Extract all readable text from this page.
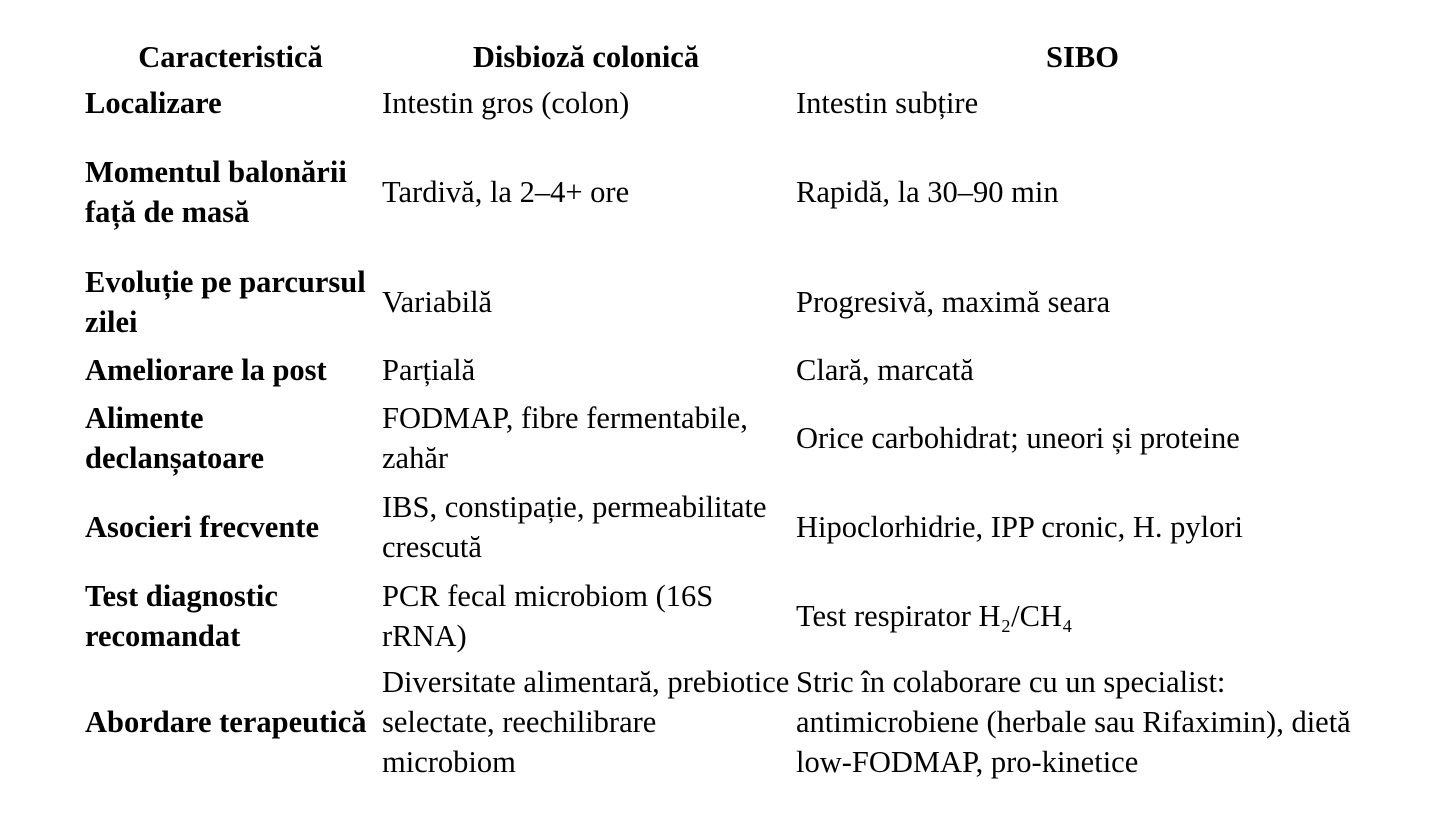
Caracteristică	Disbioză colonică	SIBO
Localizare	Intestin gros (colon)	Intestin subțire
Momentul balonării față de masă	Tardivă, la 2–4+ ore	Rapidă, la 30–90 min
Evoluție pe parcursul zilei	Variabilă	Progresivă, maximă seara
Ameliorare la post	Parțială	Clară, marcată
Alimente declanșatoare	FODMAP, fibre fermentabile, zahăr	Orice carbohidrat; uneori și proteine
Asocieri frecvente	IBS, constipație, permeabilitate crescută	Hipoclorhidrie, IPP cronic, H. pylori
Test diagnostic recomandat	PCR fecal microbiom (16S rRNA)	Test respirator H₂/CH₄
Abordare terapeutică	Diversitate alimentară, prebiotice selectate, reechilibrare microbiom	Stric în colaborare cu un specialist: antimicrobiene (herbale sau Rifaximin), dietă low-FODMAP, pro-kinetice
